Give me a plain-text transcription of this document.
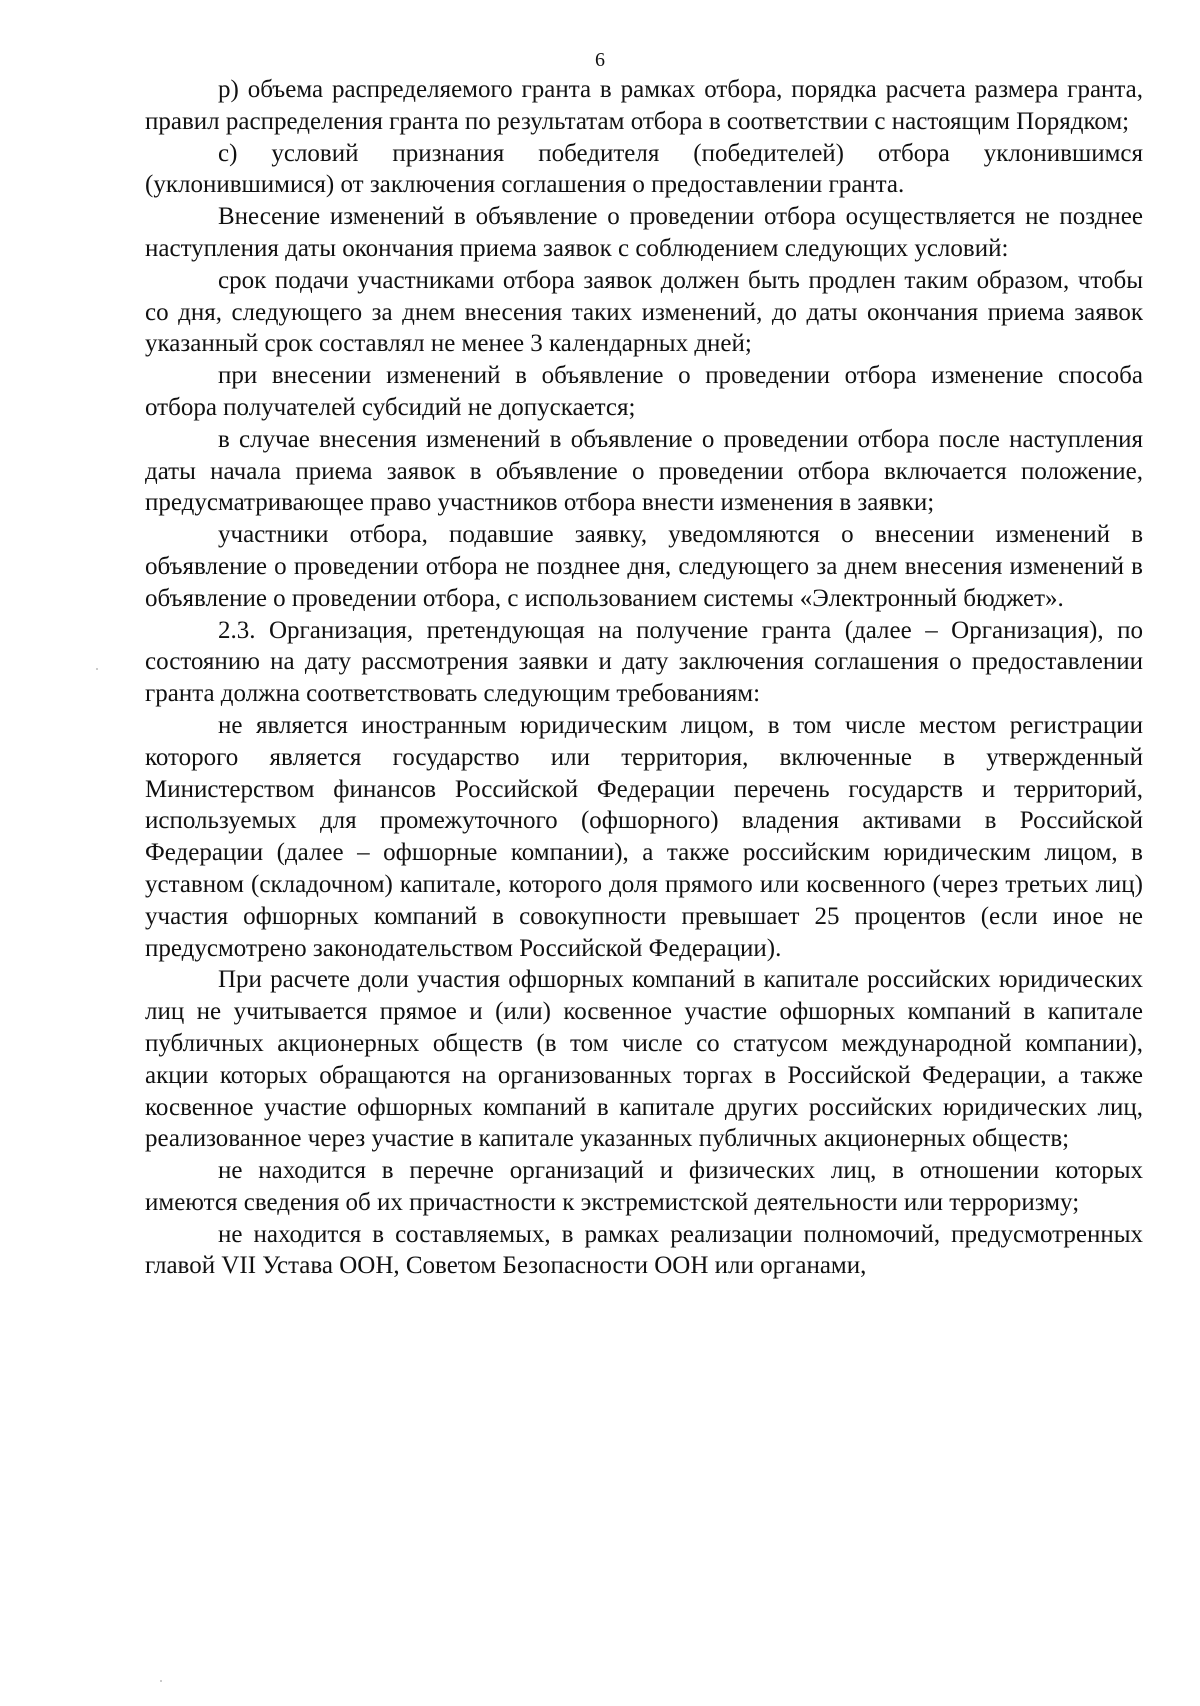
6

р) объема распределяемого гранта в рамках отбора, порядка расчета размера гранта, правил распределения гранта по результатам отбора в соответствии с настоящим Порядком;

с) условий признания победителя (победителей) отбора уклонившимся (уклонившимися) от заключения соглашения о предоставлении гранта.

Внесение изменений в объявление о проведении отбора осуществляется не позднее наступления даты окончания приема заявок с соблюдением следующих условий:

срок подачи участниками отбора заявок должен быть продлен таким образом, чтобы со дня, следующего за днем внесения таких изменений, до даты окончания приема заявок указанный срок составлял не менее 3 календарных дней;

при внесении изменений в объявление о проведении отбора изменение способа отбора получателей субсидий не допускается;

в случае внесения изменений в объявление о проведении отбора после наступления даты начала приема заявок в объявление о проведении отбора включается положение, предусматривающее право участников отбора внести изменения в заявки;

участники отбора, подавшие заявку, уведомляются о внесении изменений в объявление о проведении отбора не позднее дня, следующего за днем внесения изменений в объявление о проведении отбора, с использованием системы «Электронный бюджет».

2.3. Организация, претендующая на получение гранта (далее – Организация), по состоянию на дату рассмотрения заявки и дату заключения соглашения о предоставлении гранта должна соответствовать следующим требованиям:

не является иностранным юридическим лицом, в том числе местом регистрации которого является государство или территория, включенные в утвержденный Министерством финансов Российской Федерации перечень государств и территорий, используемых для промежуточного (офшорного) владения активами в Российской Федерации (далее – офшорные компании), а также российским юридическим лицом, в уставном (складочном) капитале, которого доля прямого или косвенного (через третьих лиц) участия офшорных компаний в совокупности превышает 25 процентов (если иное не предусмотрено законодательством Российской Федерации).

При расчете доли участия офшорных компаний в капитале российских юридических лиц не учитывается прямое и (или) косвенное участие офшорных компаний в капитале публичных акционерных обществ (в том числе со статусом международной компании), акции которых обращаются на организованных торгах в Российской Федерации, а также косвенное участие офшорных компаний в капитале других российских юридических лиц, реализованное через участие в капитале указанных публичных акционерных обществ;

не находится в перечне организаций и физических лиц, в отношении которых имеются сведения об их причастности к экстремистской деятельности или терроризму;

не находится в составляемых, в рамках реализации полномочий, предусмотренных главой VII Устава ООН, Советом Безопасности ООН или органами,
